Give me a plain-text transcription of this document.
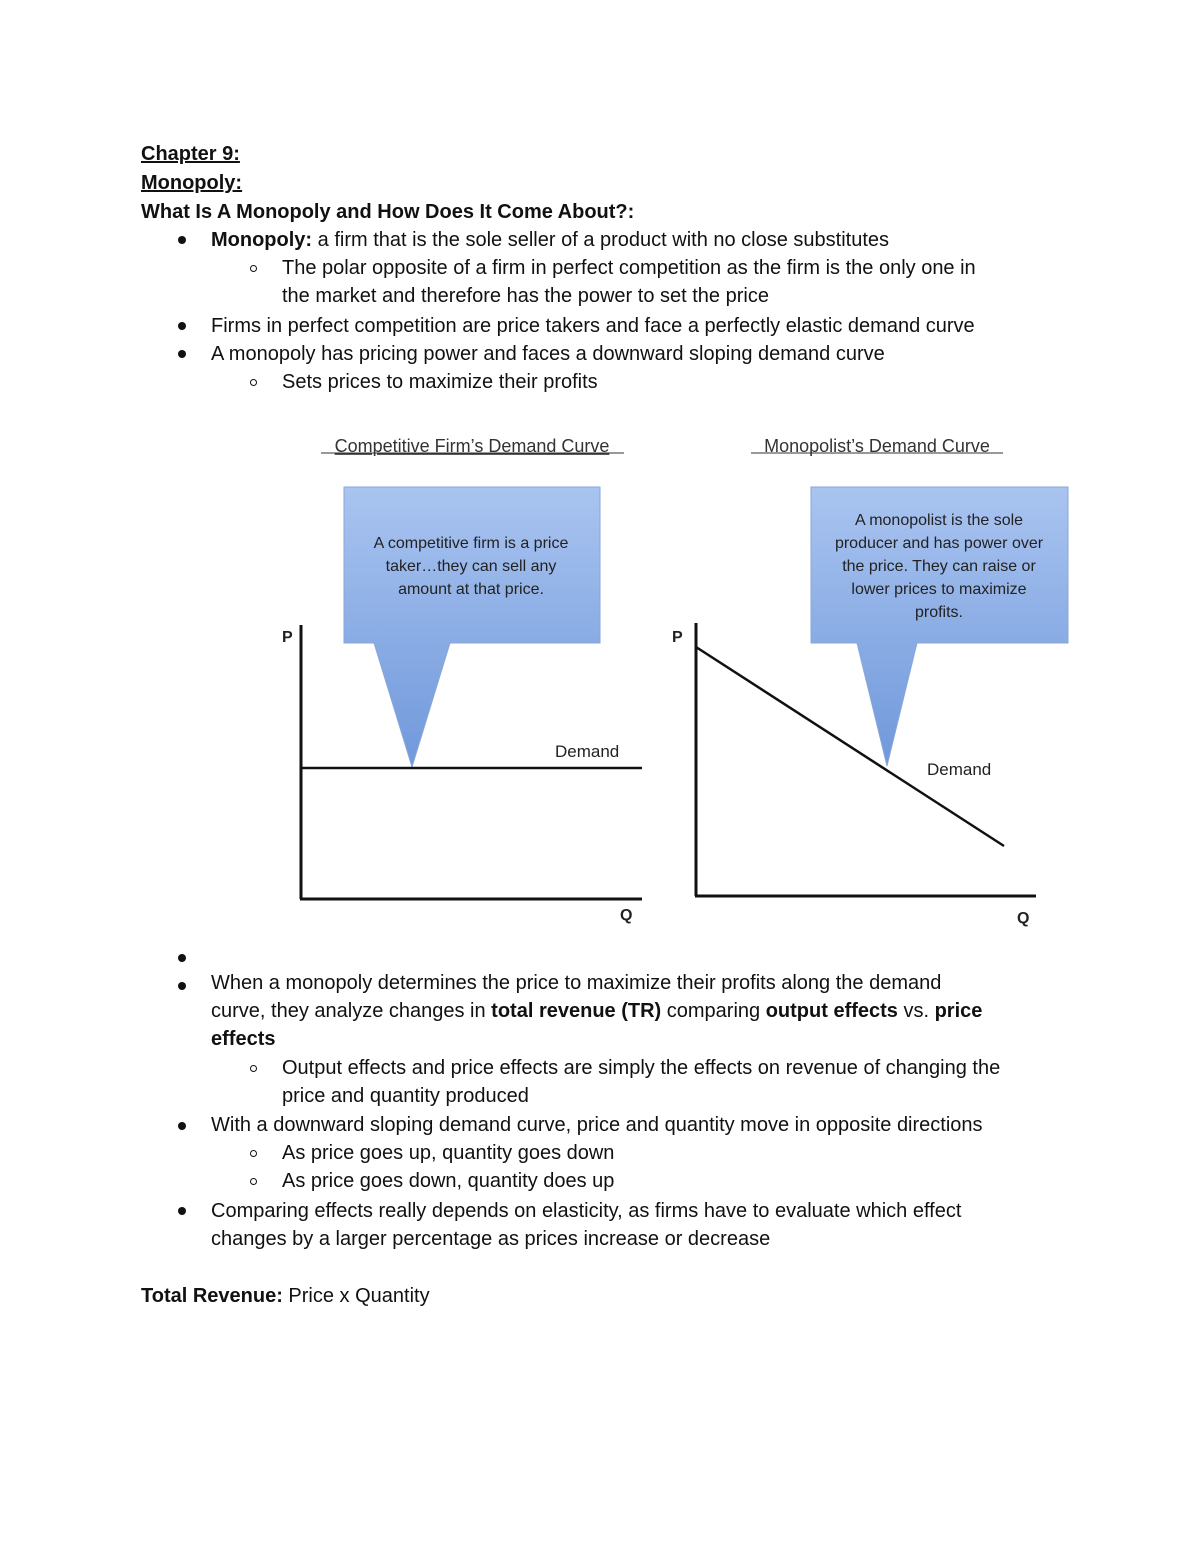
Chapter 9:
Monopoly:
What Is A Monopoly and How Does It Come About?:
Monopoly: a firm that is the sole seller of a product with no close substitutes
The polar opposite of a firm in perfect competition as the firm is the only one in
the market and therefore has the power to set the price
Firms in perfect competition are price takers and face a perfectly elastic demand curve
A monopoly has pricing power and faces a downward sloping demand curve
Sets prices to maximize their profits
Competitive Firm’s Demand Curve
A competitive firm is a price
taker…they can sell any
amount at that price.
P
Demand
Q
Monopolist’s Demand Curve
A monopolist is the sole
producer and has power over
the price. They can raise or
lower prices to maximize
profits.
P
Demand
Q
When a monopoly determines the price to maximize their profits along the demand
curve, they analyze changes in total revenue (TR) comparing output effects vs. price
effects
Output effects and price effects are simply the effects on revenue of changing the
price and quantity produced
With a downward sloping demand curve, price and quantity move in opposite directions
As price goes up, quantity goes down
As price goes down, quantity does up
Comparing effects really depends on elasticity, as firms have to evaluate which effect
changes by a larger percentage as prices increase or decrease
Total Revenue: Price x Quantity
